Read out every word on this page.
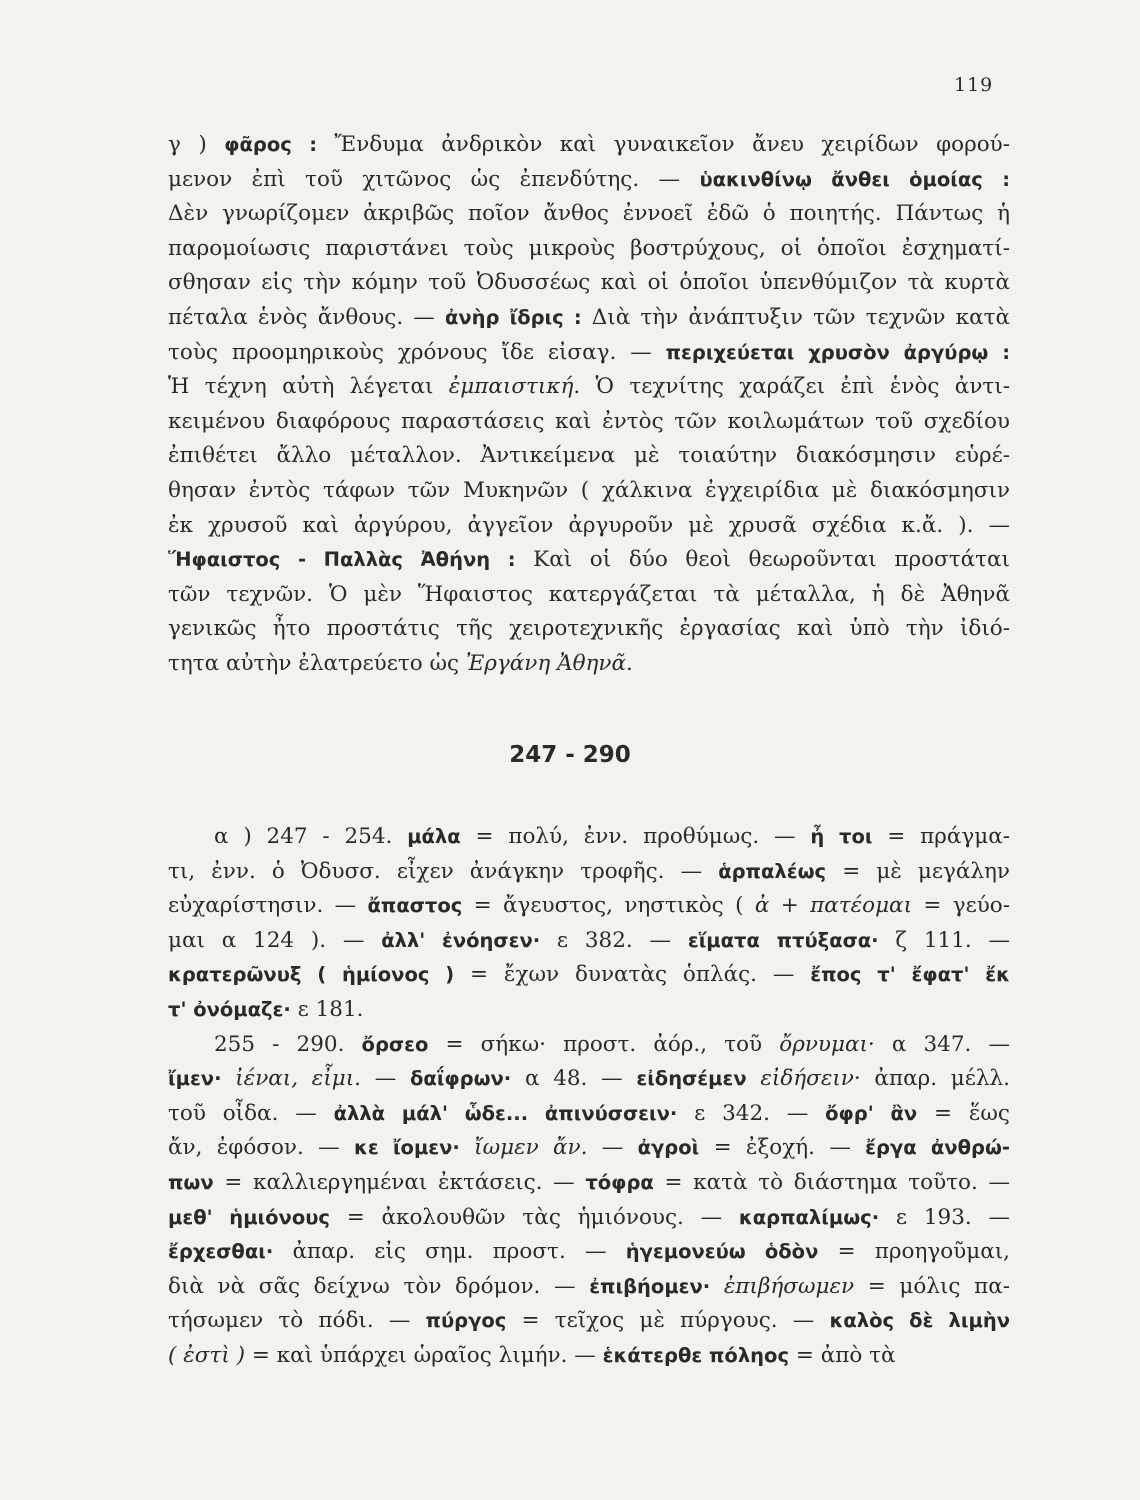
119
γ ) φᾶρος : Ἔνδυμα ἀνδρικὸν καὶ γυναικεῖον ἄνευ χειρίδων φορού-
μενον ἐπὶ τοῦ χιτῶνος ὡς ἐπενδύτης. — ὑακινθίνῳ ἄνθει ὁμοίας :
Δὲν γνωρίζομεν ἀκριβῶς ποῖον ἄνθος ἐννοεῖ ἐδῶ ὁ ποιητής. Πάντως ἡ
παρομοίωσις παριστάνει τοὺς μικροὺς βοστρύχους, οἱ ὁποῖοι ἐσχηματί-
σθησαν εἰς τὴν κόμην τοῦ Ὀδυσσέως καὶ οἱ ὁποῖοι ὑπενθύμιζον τὰ κυρτὰ
πέταλα ἑνὸς ἄνθους. — ἀνὴρ ἴδρις : Διὰ τὴν ἀνάπτυξιν τῶν τεχνῶν κατὰ
τοὺς προομηρικοὺς χρόνους ἴδε εἰσαγ. — περιχεύεται χρυσὸν ἀργύρῳ :
Ἡ τέχνη αὐτὴ λέγεται ἐμπαιστική. Ὁ τεχνίτης χαράζει ἐπὶ ἑνὸς ἀντι-
κειμένου διαφόρους παραστάσεις καὶ ἐντὸς τῶν κοιλωμάτων τοῦ σχεδίου
ἐπιθέτει ἄλλο μέταλλον. Ἀντικείμενα μὲ τοιαύτην διακόσμησιν εὑρέ-
θησαν ἐντὸς τάφων τῶν Μυκηνῶν ( χάλκινα ἐγχειρίδια μὲ διακόσμησιν
ἐκ χρυσοῦ καὶ ἀργύρου, ἀγγεῖον ἀργυροῦν μὲ χρυσᾶ σχέδια κ.ἄ. ). —
Ἥφαιστος - Παλλὰς Ἀθήνη : Καὶ οἱ δύο θεοὶ θεωροῦνται προστάται
τῶν τεχνῶν. Ὁ μὲν Ἥφαιστος κατεργάζεται τὰ μέταλλα, ἡ δὲ Ἀθηνᾶ
γενικῶς ἦτο προστάτις τῆς χειροτεχνικῆς ἐργασίας καὶ ὑπὸ τὴν ἰδιό-
τητα αὐτὴν ἐλατρεύετο ὡς Ἐργάνη Ἀθηνᾶ.
247 - 290
α ) 247 - 254. μάλα = πολύ, ἐνν. προθύμως. — ἦ τοι = πράγμα-
τι, ἐνν. ὁ Ὀδυσσ. εἶχεν ἀνάγκην τροφῆς. — ἁρπαλέως = μὲ μεγάλην
εὐχαρίστησιν. — ἄπαστος = ἄγευστος, νηστικὸς ( ἀ + πατέομαι = γεύο-
μαι α 124 ). — ἀλλ' ἐνόησεν· ε 382. — εἵματα πτύξασα· ζ 111. —
κρατερῶνυξ ( ἡμίονος ) = ἔχων δυνατὰς ὁπλάς. — ἔπος τ' ἔφατ' ἔκ
τ' ὀνόμαζε· ε 181.
255 - 290. ὄρσεο = σήκω· προστ. ἀόρ., τοῦ ὄρνυμαι· α 347. —
ἴμεν· ἰέναι, εἶμι. — δαΐφρων· α 48. — εἰδησέμεν εἰδήσειν· ἀπαρ. μέλλ.
τοῦ οἶδα. — ἀλλὰ μάλ' ὧδε... ἀπινύσσειν· ε 342. — ὄφρ' ἂν = ἕως
ἄν, ἐφόσον. — κε ἴομεν· ἴωμεν ἄν. — ἀγροὶ = ἐξοχή. — ἔργα ἀνθρώ-
πων = καλλιεργημέναι ἐκτάσεις. — τόφρα = κατὰ τὸ διάστημα τοῦτο. —
μεθ' ἡμιόνους = ἀκολουθῶν τὰς ἡμιόνους. — καρπαλίμως· ε 193. —
ἔρχεσθαι· ἀπαρ. εἰς σημ. προστ. — ἡγεμονεύω ὁδὸν = προηγοῦμαι,
διὰ νὰ σᾶς δείχνω τὸν δρόμον. — ἐπιβήομεν· ἐπιβήσωμεν = μόλις πα-
τήσωμεν τὸ πόδι. — πύργος = τεῖχος μὲ πύργους. — καλὸς δὲ λιμὴν
( ἐστὶ ) = καὶ ὑπάρχει ὡραῖος λιμήν. — ἑκάτερθε πόληος = ἀπὸ τὰ
